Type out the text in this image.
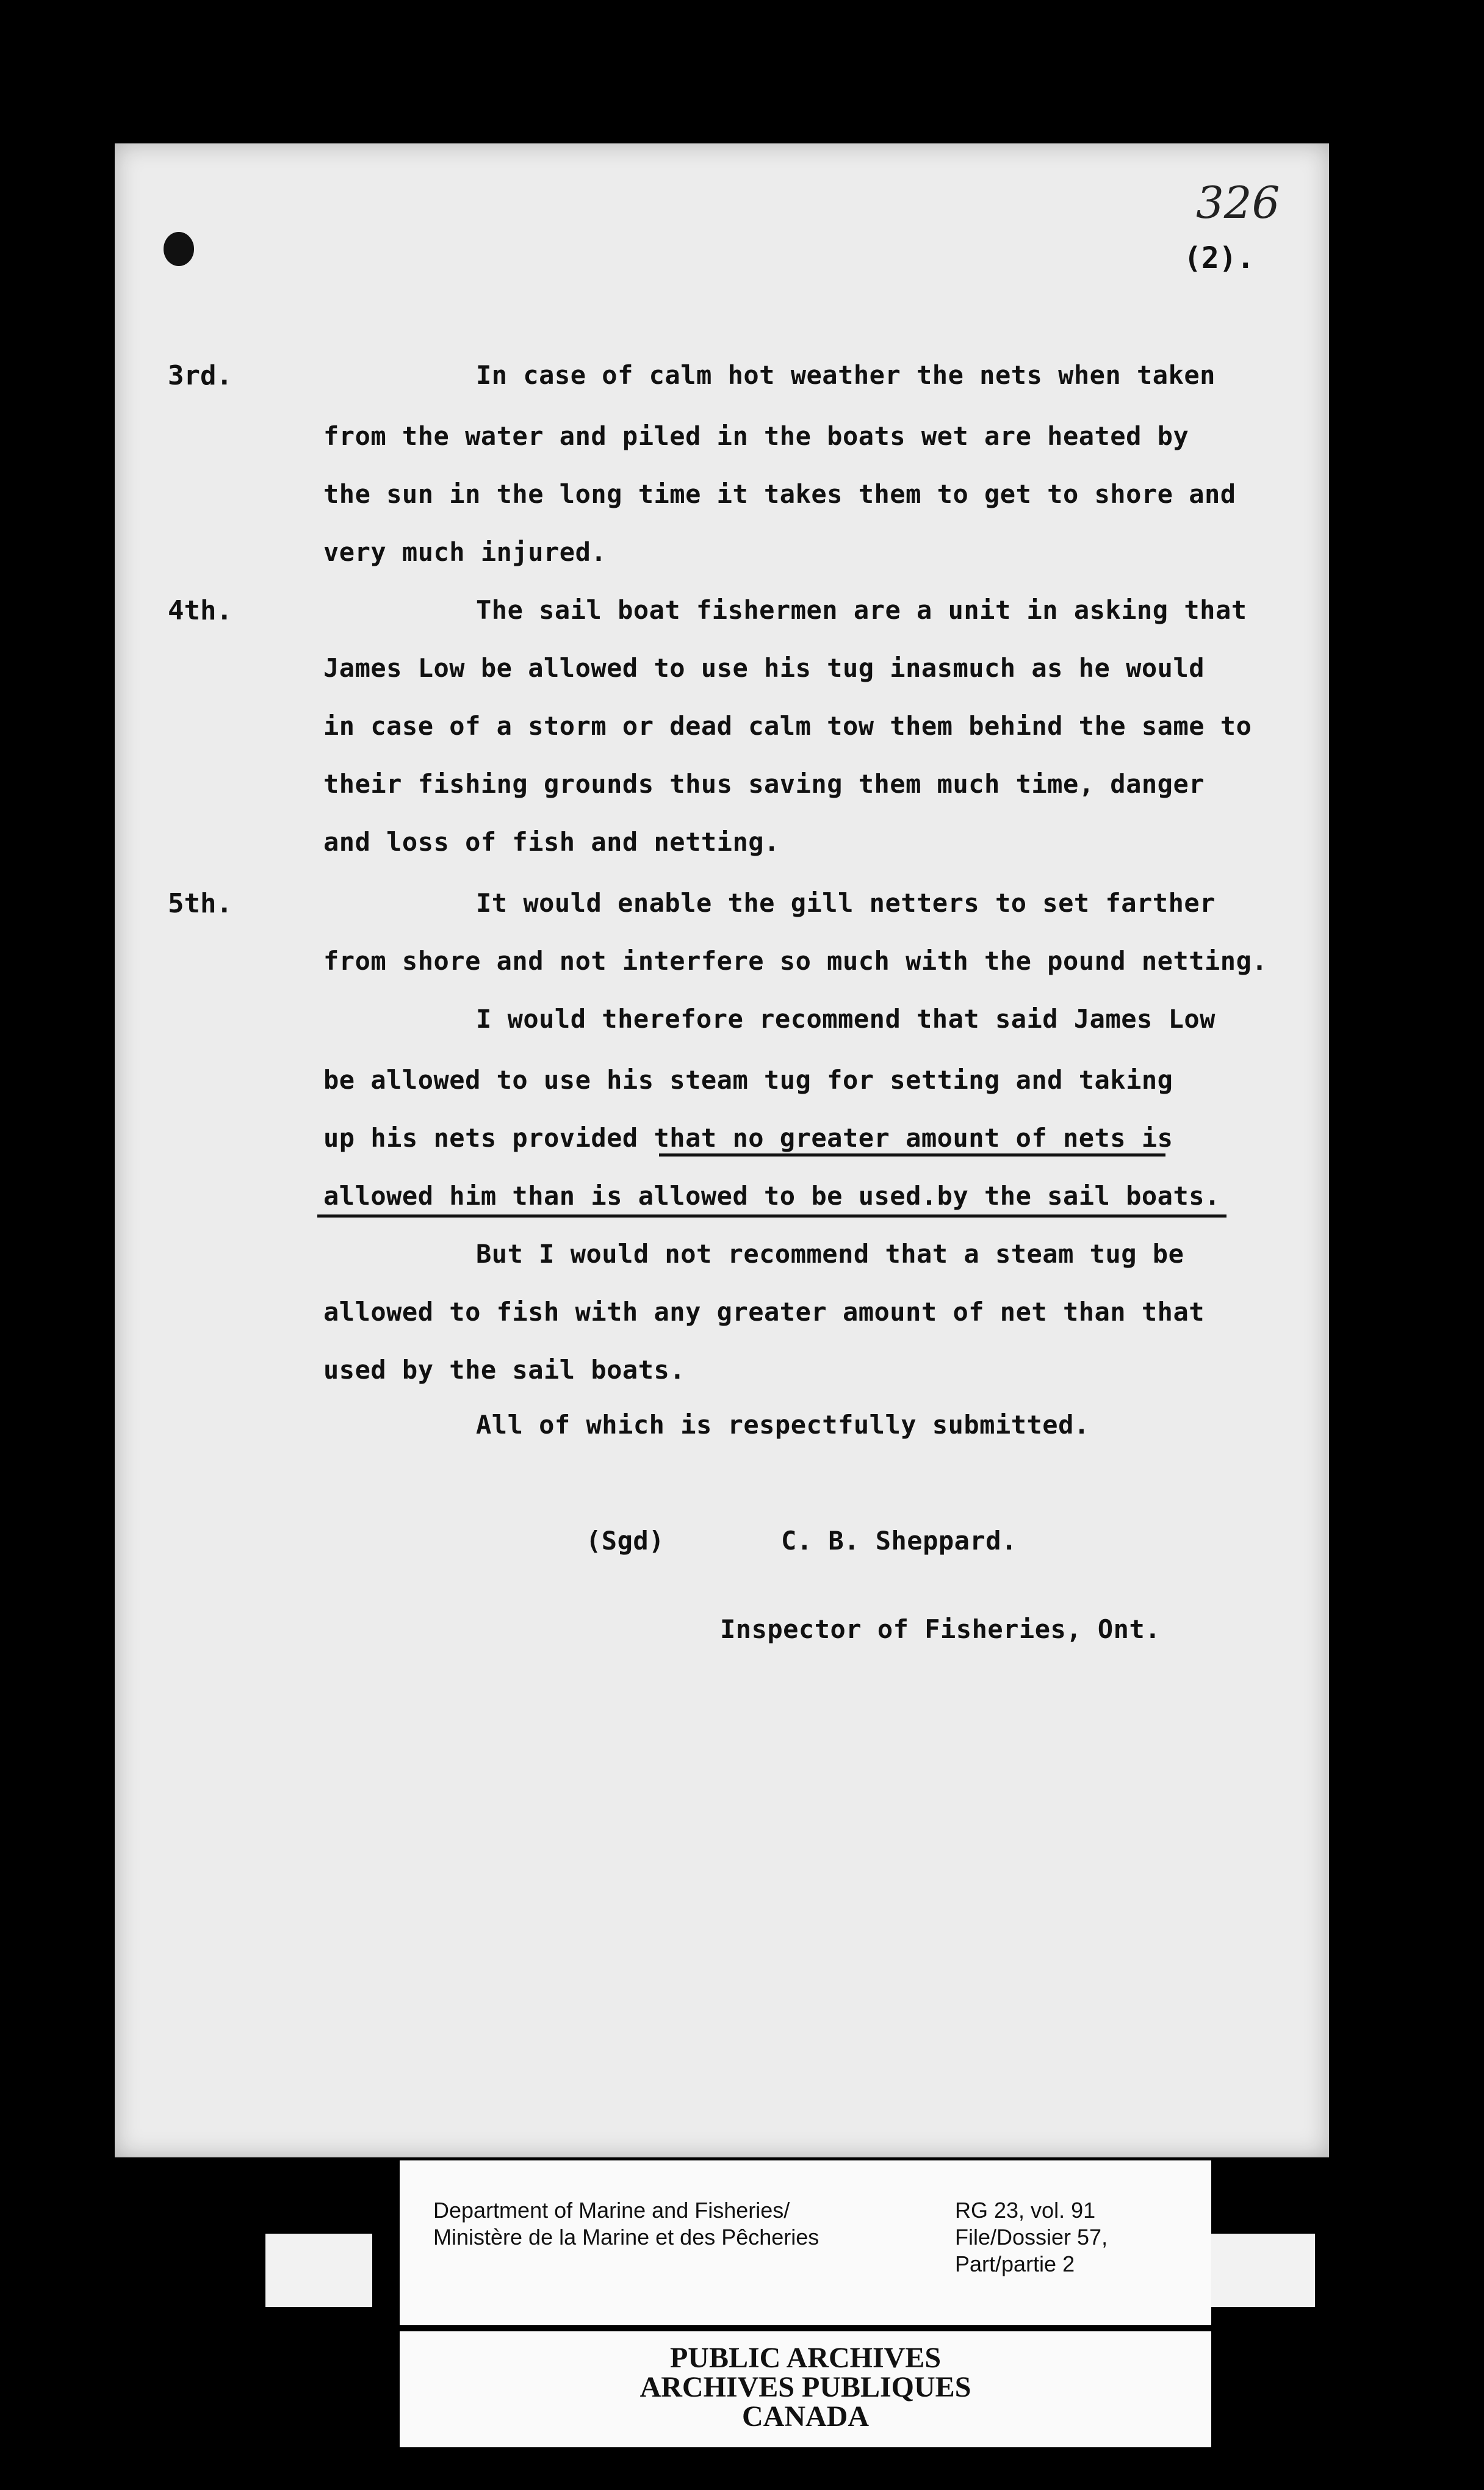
326
(2).
3rd.	In case of calm hot weather the nets when taken
from the water and piled in the boats wet are heated by
the sun in the long time it takes them to get to shore and
very much injured.
4th.	The sail boat fishermen are a unit in asking that
James Low be allowed to use his tug inasmuch as he would
in case of a storm or dead calm tow them behind the same to
their fishing grounds thus saving them much time, danger
and loss of fish and netting.
5th.	It would enable the gill netters to set farther
from shore and not interfere so much with the pound netting.
I would therefore recommend that said James Low
be allowed to use his steam tug for setting and taking
up his nets provided that no greater amount of nets is
allowed him than is allowed to be used.by the sail boats.
But I would not recommend that a steam tug be
allowed to fish with any greater amount of net than that
used by the sail boats.
All of which is respectfully submitted.
(Sgd)	C. B. Sheppard.
Inspector of Fisheries, Ont.
Department of Marine and Fisheries/
Ministère de la Marine et des Pêcheries
RG 23, vol. 91
File/Dossier 57,
Part/partie 2
PUBLIC ARCHIVES
ARCHIVES PUBLIQUES
CANADA
